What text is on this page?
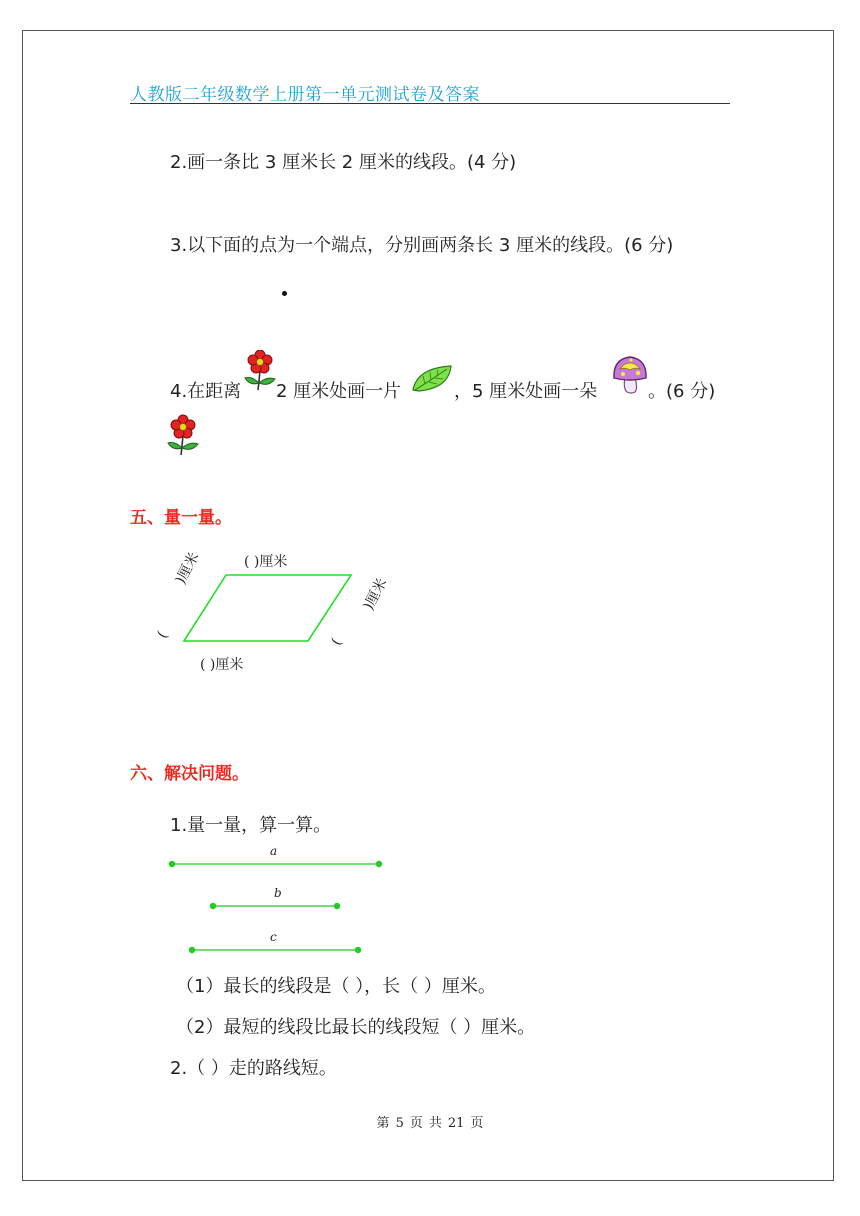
人教版二年级数学上册第一单元测试卷及答案
2.画一条比 3 厘米长 2 厘米的线段。(4 分)
3.以下面的点为一个端点，分别画两条长 3 厘米的线段。(6 分)
4.在距离 2 厘米处画一片	，5 厘米处画一朵	。(6 分)
五、量一量。
( )厘米
( )厘米
)厘米
)厘米
(
(
六、解决问题。
1.量一量，算一算。
a
b
c
（1）最长的线段是（ ），长（ ）厘米。
（2）最短的线段比最长的线段短（ ）厘米。
2.（ ）走的路线短。
第 5 页 共 21 页
